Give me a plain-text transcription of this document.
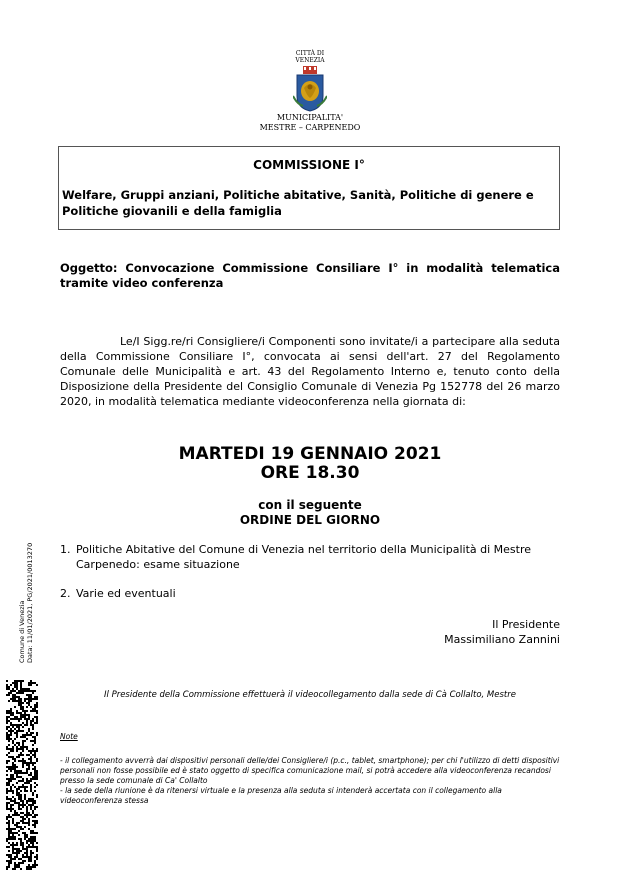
CITTÀ DI
VENEZIA
MUNICIPALITA'
MESTRE – CARPENEDO
COMMISSIONE I°
Welfare, Gruppi anziani, Politiche abitative, Sanità, Politiche di genere e Politiche giovanili e della famiglia
Oggetto: Convocazione Commissione Consiliare I° in modalità telematica tramite video conferenza
Le/I Sigg.re/ri Consigliere/i Componenti sono invitate/i a partecipare alla seduta della Commissione Consiliare I°, convocata ai sensi dell'art. 27 del Regolamento Comunale delle Municipalità e art. 43 del Regolamento Interno e, tenuto conto della Disposizione della Presidente del Consiglio Comunale di Venezia Pg 152778 del 26 marzo 2020, in modalità telematica mediante videoconferenza nella giornata di:
MARTEDI 19 GENNAIO 2021
ORE 18.30
con il seguente
ORDINE DEL GIORNO
1. Politiche Abitative del Comune di Venezia nel territorio della Municipalità di Mestre Carpenedo: esame situazione
2. Varie ed eventuali
Il Presidente
Massimiliano Zannini
Il Presidente della Commissione effettuerà il videocollegamento dalla sede di Cà Collalto, Mestre
Note
- il collegamento avverrà dai dispositivi personali delle/dei Consigliere/i (p.c., tablet, smartphone); per chi l'utilizzo di detti dispositivi personali non fosse possibile ed è stato oggetto di specifica comunicazione mail, si potrà accedere alla videoconferenza recandosi presso la sede comunale di Ca' Collalto
- la sede della riunione è da ritenersi virtuale e la presenza alla seduta si intenderà accertata con il collegamento alla videoconferenza stessa
Comune di Venezia Data: 11/01/2021, PG/2021/0013270
